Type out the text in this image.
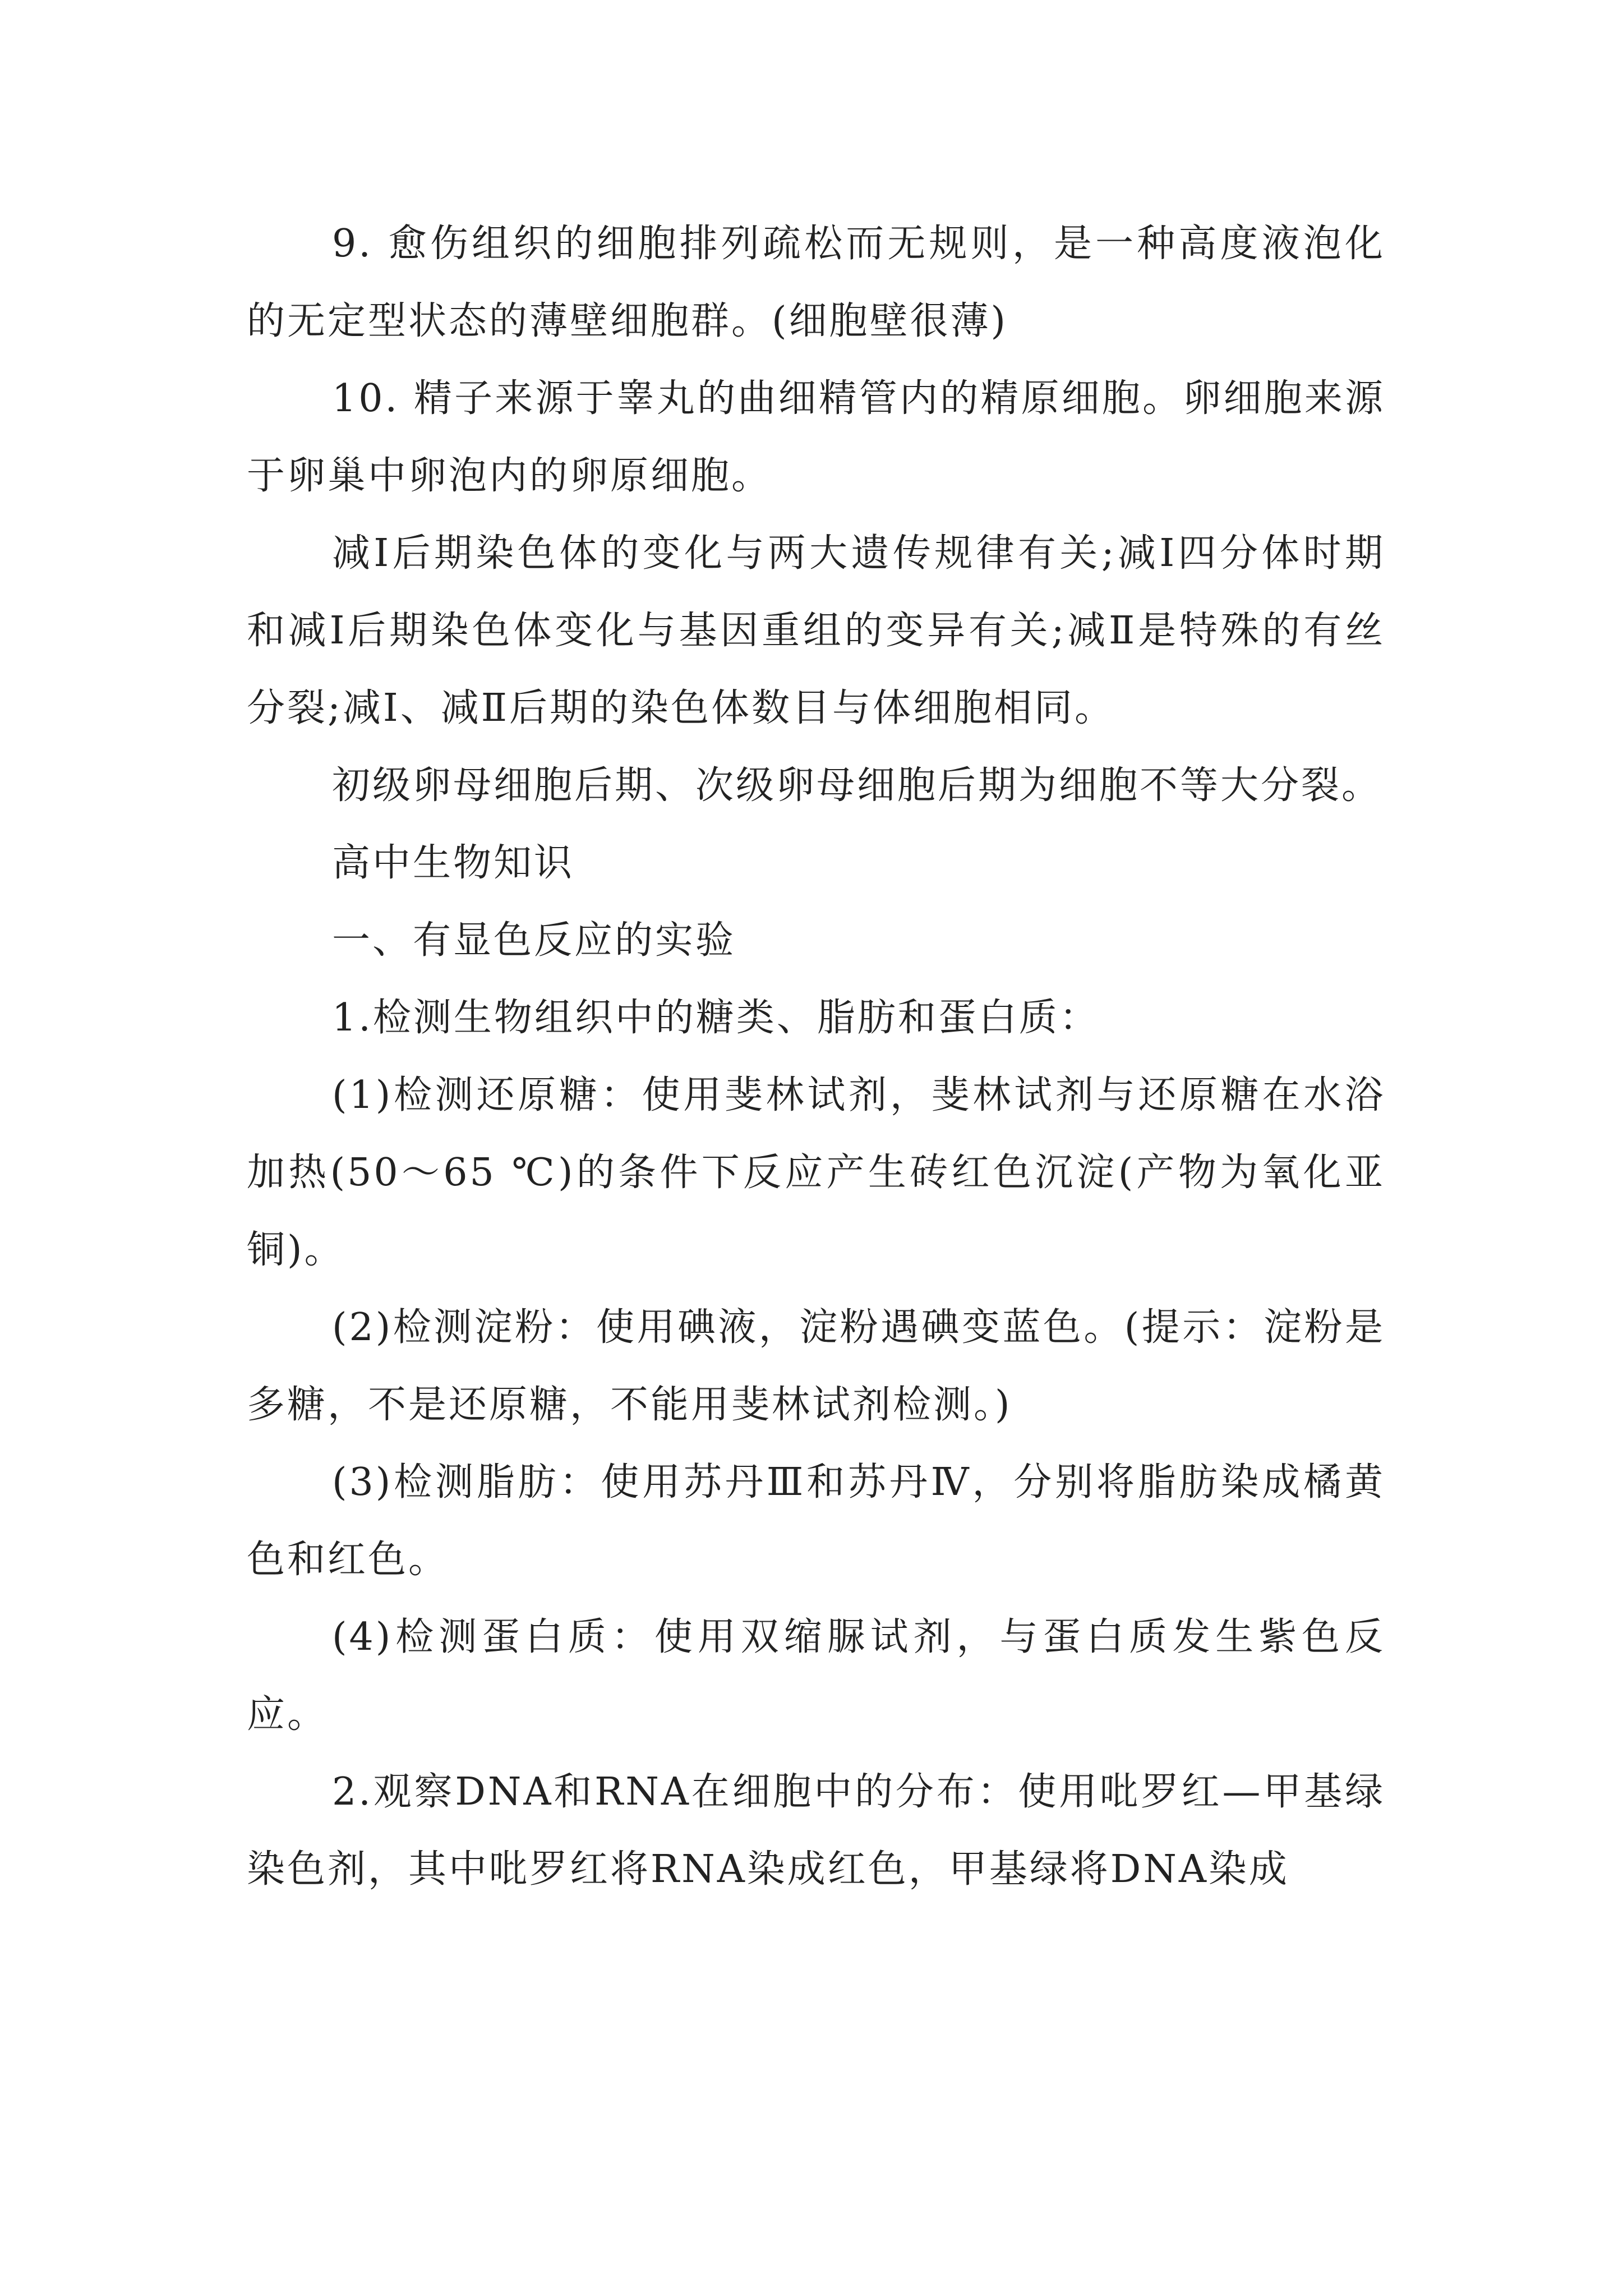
9. 愈伤组织的细胞排列疏松而无规则，是一种高度液泡化的无定型状态的薄壁细胞群。(细胞壁很薄)

10. 精子来源于睾丸的曲细精管内的精原细胞。卵细胞来源于卵巢中卵泡内的卵原细胞。

减Ⅰ后期染色体的变化与两大遗传规律有关;减Ⅰ四分体时期和减Ⅰ后期染色体变化与基因重组的变异有关;减Ⅱ是特殊的有丝分裂;减Ⅰ、减Ⅱ后期的染色体数目与体细胞相同。

初级卵母细胞后期、次级卵母细胞后期为细胞不等大分裂。

高中生物知识

一、有显色反应的实验

1.检测生物组织中的糖类、脂肪和蛋白质：

(1)检测还原糖：使用斐林试剂，斐林试剂与还原糖在水浴加热(50～65 ℃)的条件下反应产生砖红色沉淀(产物为氧化亚铜)。

(2)检测淀粉：使用碘液，淀粉遇碘变蓝色。(提示：淀粉是多糖，不是还原糖，不能用斐林试剂检测。)

(3)检测脂肪：使用苏丹Ⅲ和苏丹Ⅳ，分别将脂肪染成橘黄色和红色。

(4)检测蛋白质：使用双缩脲试剂，与蛋白质发生紫色反应。

2.观察DNA和RNA在细胞中的分布：使用吡罗红—甲基绿染色剂，其中吡罗红将RNA染成红色，甲基绿将DNA染成
